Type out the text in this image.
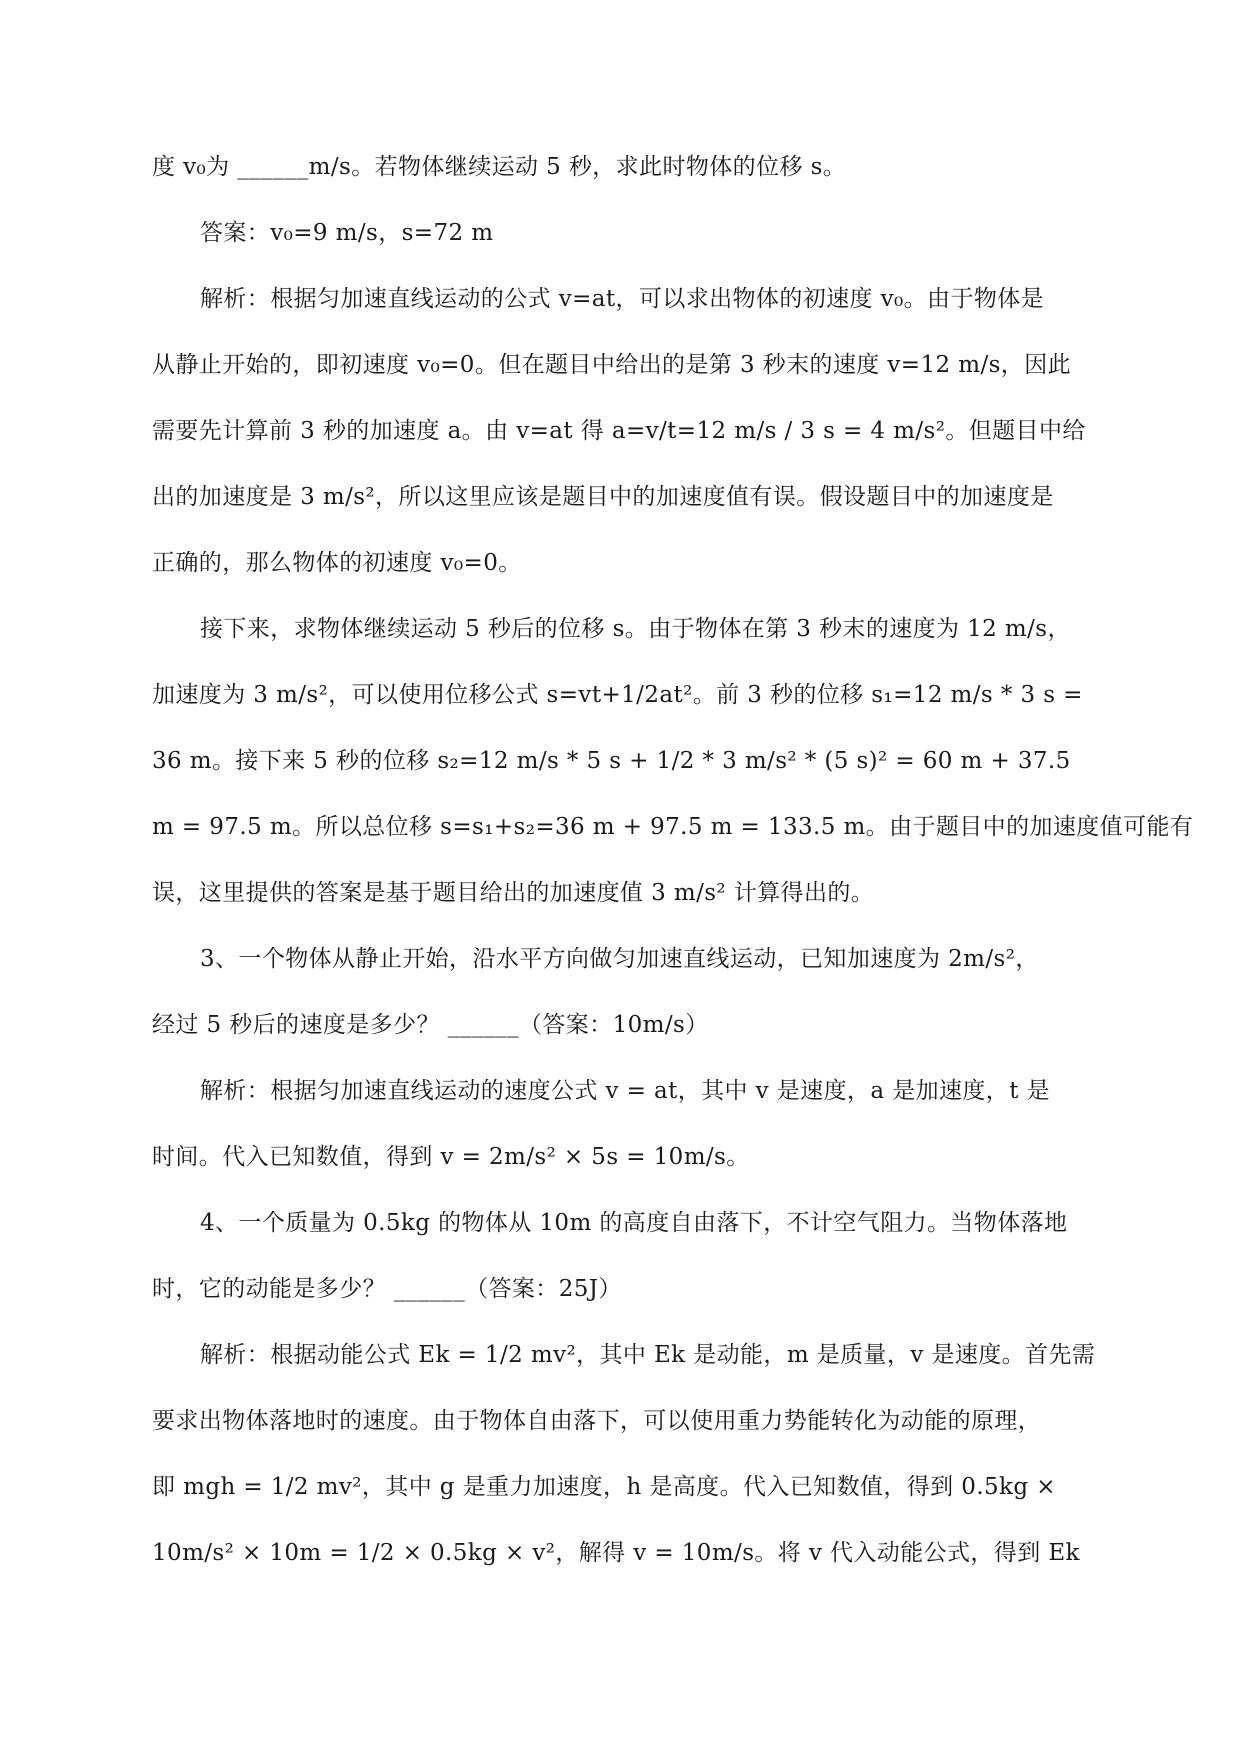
度 v₀为 ______m/s。若物体继续运动 5 秒，求此时物体的位移 s。
答案：v₀=9 m/s，s=72 m
解析：根据匀加速直线运动的公式 v=at，可以求出物体的初速度 v₀。由于物体是
从静止开始的，即初速度 v₀=0。但在题目中给出的是第 3 秒末的速度 v=12 m/s，因此
需要先计算前 3 秒的加速度 a。由 v=at 得 a=v/t=12 m/s / 3 s = 4 m/s²。但题目中给
出的加速度是 3 m/s²，所以这里应该是题目中的加速度值有误。假设题目中的加速度是
正确的，那么物体的初速度 v₀=0。
接下来，求物体继续运动 5 秒后的位移 s。由于物体在第 3 秒末的速度为 12 m/s，
加速度为 3 m/s²，可以使用位移公式 s=vt+1/2at²。前 3 秒的位移 s₁=12 m/s * 3 s =
36 m。接下来 5 秒的位移 s₂=12 m/s * 5 s + 1/2 * 3 m/s² * (5 s)² = 60 m + 37.5
m = 97.5 m。所以总位移 s=s₁+s₂=36 m + 97.5 m = 133.5 m。由于题目中的加速度值可能有
误，这里提供的答案是基于题目给出的加速度值 3 m/s² 计算得出的。
3、一个物体从静止开始，沿水平方向做匀加速直线运动，已知加速度为 2m/s²，
经过 5 秒后的速度是多少？ ______（答案：10m/s）
解析：根据匀加速直线运动的速度公式 v = at，其中 v 是速度，a 是加速度，t 是
时间。代入已知数值，得到 v = 2m/s² × 5s = 10m/s。
4、一个质量为 0.5kg 的物体从 10m 的高度自由落下，不计空气阻力。当物体落地
时，它的动能是多少？ ______（答案：25J）
解析：根据动能公式 Ek = 1/2 mv²，其中 Ek 是动能，m 是质量，v 是速度。首先需
要求出物体落地时的速度。由于物体自由落下，可以使用重力势能转化为动能的原理，
即 mgh = 1/2 mv²，其中 g 是重力加速度，h 是高度。代入已知数值，得到 0.5kg ×
10m/s² × 10m = 1/2 × 0.5kg × v²，解得 v = 10m/s。将 v 代入动能公式，得到 Ek
